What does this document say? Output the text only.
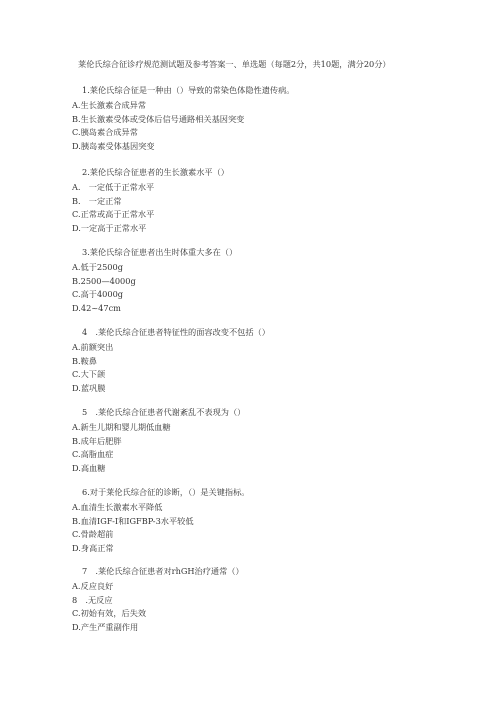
莱伦氏综合征诊疗规范测试题及参考答案一、单选题（每题2分，共10题，满分20分）
1.莱伦氏综合征是一种由（）导致的常染色体隐性遗传病。
A.生长激素合成异常
B.生长激素受体或受体后信号通路相关基因突变
C.胰岛素合成异常
D.胰岛素受体基因突变
2.莱伦氏综合征患者的生长激素水平（）
A.　一定低于正常水平
B.　一定正常
C.正常或高于正常水平
D.一定高于正常水平
3.莱伦氏综合征患者出生时体重大多在（）
A.低于2500g
B.2500—4000g
C.高于4000g
D.42~47cm
4　.莱伦氏综合征患者特征性的面容改变不包括（）
A.前额突出
B.鞍鼻
C.大下颌
D.蓝巩膜
5　.莱伦氏综合征患者代谢紊乱不表现为（）
A.新生儿期和婴儿期低血糖
B.成年后肥胖
C.高脂血症
D.高血糖
6.对于莱伦氏综合征的诊断，（）是关键指标。
A.血清生长激素水平降低
B.血清IGF-I和IGFBP-3水平较低
C.骨龄超前
D.身高正常
7　.莱伦氏综合征患者对rhGH治疗通常（）
A.反应良好
8　.无反应
C.初始有效，后失效
D.产生严重副作用
